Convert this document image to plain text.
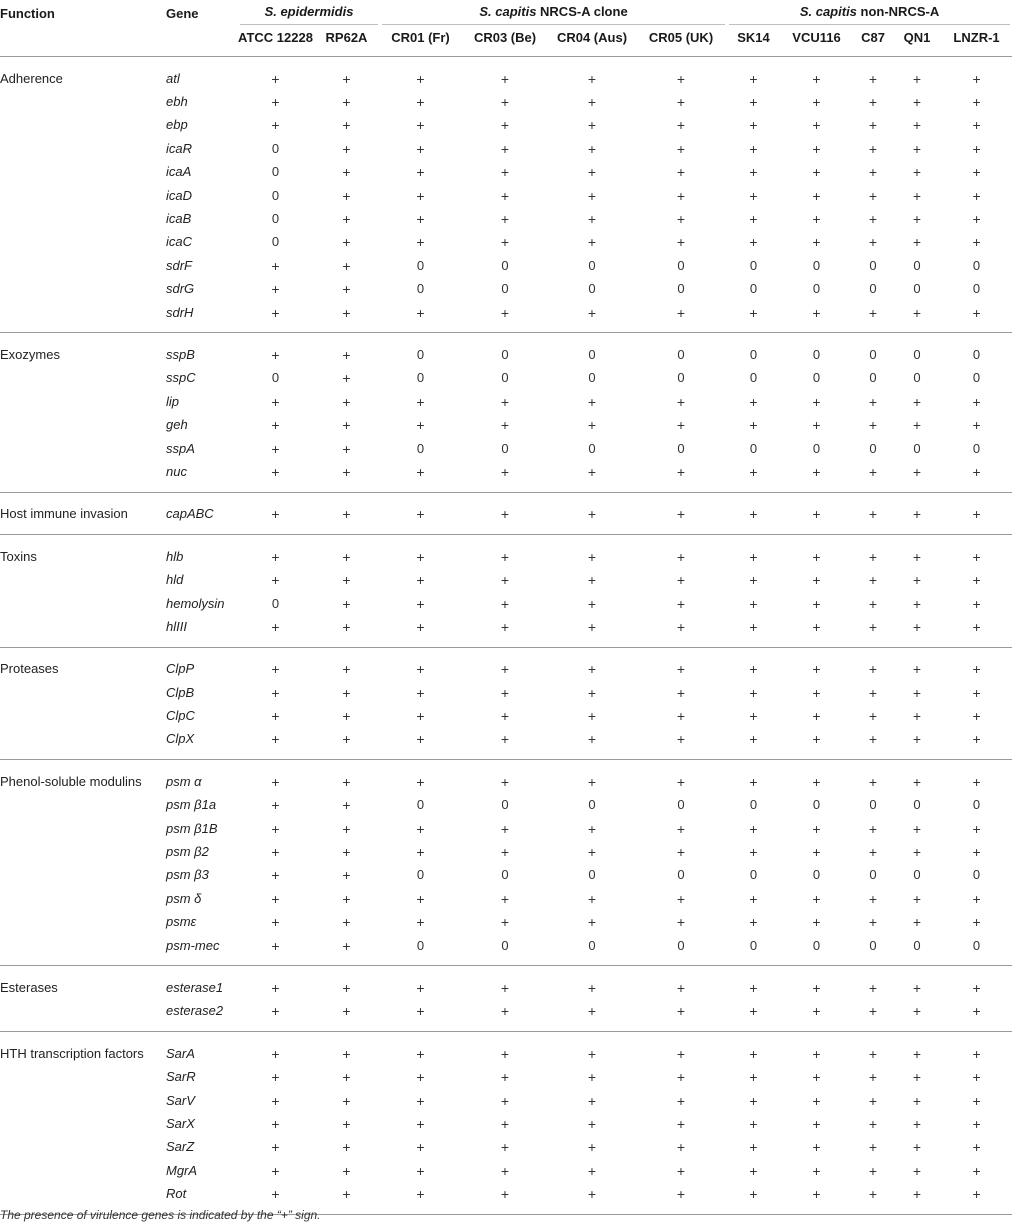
Function	Gene	S. epidermidis		S. capitis NRCS-A clone				S. capitis non-NRCS-A				

		ATCC 12228	RP62A	CR01 (Fr)	CR03 (Be)	CR04 (Aus)	CR05 (UK)	SK14	VCU116	C87	QN1	LNZR-1
Adherence	atl	+	+	+	+	+	+	+	+	+	+	+
	ebh	+	+	+	+	+	+	+	+	+	+	+
	ebp	+	+	+	+	+	+	+	+	+	+	+
	icaR	0	+	+	+	+	+	+	+	+	+	+
	icaA	0	+	+	+	+	+	+	+	+	+	+
	icaD	0	+	+	+	+	+	+	+	+	+	+
	icaB	0	+	+	+	+	+	+	+	+	+	+
	icaC	0	+	+	+	+	+	+	+	+	+	+
	sdrF	+	+	0	0	0	0	0	0	0	0	0
	sdrG	+	+	0	0	0	0	0	0	0	0	0
	sdrH	+	+	+	+	+	+	+	+	+	+	+
Exozymes	sspB	+	+	0	0	0	0	0	0	0	0	0
	sspC	0	+	0	0	0	0	0	0	0	0	0
	lip	+	+	+	+	+	+	+	+	+	+	+
	geh	+	+	+	+	+	+	+	+	+	+	+
	sspA	+	+	0	0	0	0	0	0	0	0	0
	nuc	+	+	+	+	+	+	+	+	+	+	+
Host immune invasion	capABC	+	+	+	+	+	+	+	+	+	+	+
Toxins	hlb	+	+	+	+	+	+	+	+	+	+	+
	hld	+	+	+	+	+	+	+	+	+	+	+
	hemolysin	0	+	+	+	+	+	+	+	+	+	+
	hlIII	+	+	+	+	+	+	+	+	+	+	+
Proteases	ClpP	+	+	+	+	+	+	+	+	+	+	+
	ClpB	+	+	+	+	+	+	+	+	+	+	+
	ClpC	+	+	+	+	+	+	+	+	+	+	+
	ClpX	+	+	+	+	+	+	+	+	+	+	+
Phenol-soluble modulins	psm α	+	+	+	+	+	+	+	+	+	+	+
	psm β1a	+	+	0	0	0	0	0	0	0	0	0
	psm β1B	+	+	+	+	+	+	+	+	+	+	+
	psm β2	+	+	+	+	+	+	+	+	+	+	+
	psm β3	+	+	0	0	0	0	0	0	0	0	0
	psm δ	+	+	+	+	+	+	+	+	+	+	+
	psmε	+	+	+	+	+	+	+	+	+	+	+
	psm-mec	+	+	0	0	0	0	0	0	0	0	0
Esterases	esterase1	+	+	+	+	+	+	+	+	+	+	+
	esterase2	+	+	+	+	+	+	+	+	+	+	+
HTH transcription factors	SarA	+	+	+	+	+	+	+	+	+	+	+
	SarR	+	+	+	+	+	+	+	+	+	+	+
	SarV	+	+	+	+	+	+	+	+	+	+	+
	SarX	+	+	+	+	+	+	+	+	+	+	+
	SarZ	+	+	+	+	+	+	+	+	+	+	+
	MgrA	+	+	+	+	+	+	+	+	+	+	+
	Rot	+	+	+	+	+	+	+	+	+	+	+
The presence of virulence genes is indicated by the “+” sign.
